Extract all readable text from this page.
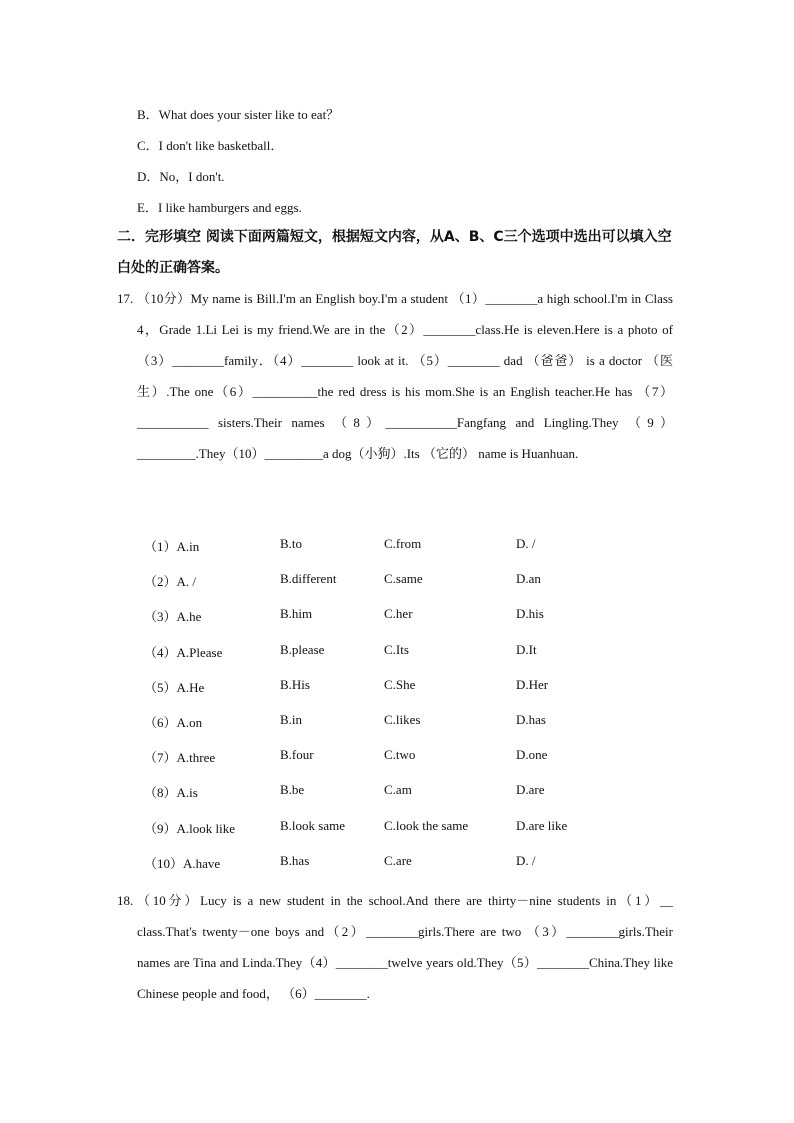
B．What does your sister like to eat？
C．I don't like basketball．
D．No，I don't.
E．I like hamburgers and eggs.
二．完形填空 阅读下面两篇短文，根据短文内容，从A、B、C三个选项中选出可以填入空白处的正确答案。
17. （10分）My name is Bill.I'm an English boy.I'm a student （1）________a high school.I'm in Class 4，Grade 1.Li Lei is my friend.We are in the（2）________class.He is eleven.Here is a photo of （3）________family．（4）________ look at it. （5）________ dad （爸爸） is a doctor （医生）.The one（6）__________the red dress is his mom.She is an English teacher.He has （7）___________ sisters.Their names （8）___________Fangfang and Lingling.They （9）_________.They（10）_________a dog（小狗）.Its （它的） name is Huanhuan.
（1）A.in	B.to	C.from	D. /
（2）A. /	B.different	C.same	D.an
（3）A.he	B.him	C.her	D.his
（4）A.Please	B.please	C.Its	D.It
（5）A.He	B.His	C.She	D.Her
（6）A.on	B.in	C.likes	D.has
（7）A.three	B.four	C.two	D.one
（8）A.is	B.be	C.am	D.are
（9）A.look like	B.look same	C.look the same	D.are like
（10）A.have	B.has	C.are	D. /
18. （10分）Lucy is a new student in the school.And there are thirty－nine students in（1）__ class.That's twenty－one boys and（2）________girls.There are two （3）________girls.Their names are Tina and Linda.They（4）________twelve years old.They（5）________China.They like Chinese people and food， （6）________.
